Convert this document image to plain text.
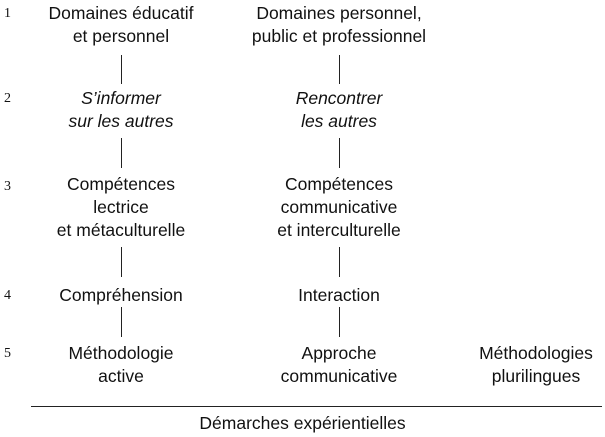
1
2
3
4
5
Domaines éducatif
et personnel
S’informer
sur les autres
Compétences
lectrice
et métaculturelle
Compréhension
Méthodologie
active
Domaines personnel,
public et professionnel
Rencontrer
les autres
Compétences
communicative
et interculturelle
Interaction
Approche
communicative
Méthodologies
plurilingues
Démarches expérientielles
